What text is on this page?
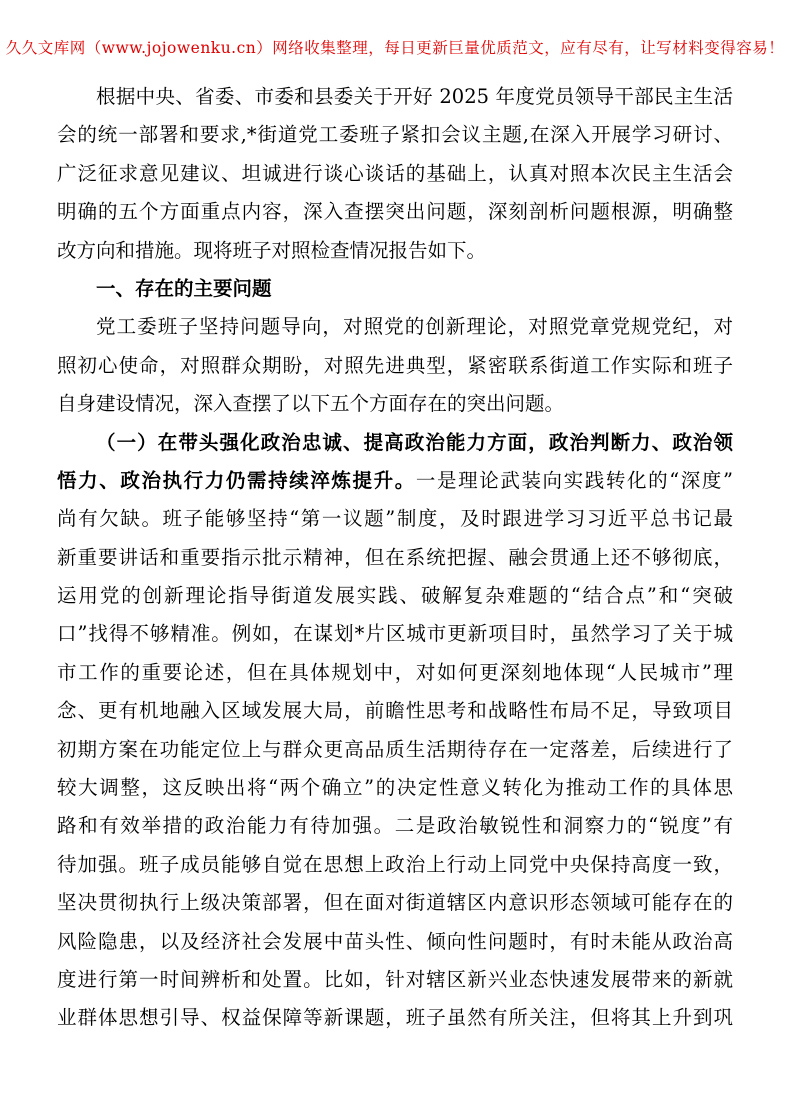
久久文库网（www.jojowenku.cn）网络收集整理，每日更新巨量优质范文，应有尽有，让写材料变得容易！
根据中央、省委、市委和县委关于开好 2025 年度党员领导干部民主生活
会的统一部署和要求,*街道党工委班子紧扣会议主题,在深入开展学习研讨、
广泛征求意见建议、坦诚进行谈心谈话的基础上，认真对照本次民主生活会
明确的五个方面重点内容，深入查摆突出问题，深刻剖析问题根源，明确整
改方向和措施。现将班子对照检查情况报告如下。
一、存在的主要问题
党工委班子坚持问题导向，对照党的创新理论，对照党章党规党纪，对
照初心使命，对照群众期盼，对照先进典型，紧密联系街道工作实际和班子
自身建设情况，深入查摆了以下五个方面存在的突出问题。
（一）在带头强化政治忠诚、提高政治能力方面，政治判断力、政治领
悟力、政治执行力仍需持续淬炼提升。一是理论武装向实践转化的“深度”
尚有欠缺。班子能够坚持“第一议题”制度，及时跟进学习习近平总书记最
新重要讲话和重要指示批示精神，但在系统把握、融会贯通上还不够彻底，
运用党的创新理论指导街道发展实践、破解复杂难题的“结合点”和“突破
口”找得不够精准。例如，在谋划*片区城市更新项目时，虽然学习了关于城
市工作的重要论述，但在具体规划中，对如何更深刻地体现“人民城市”理
念、更有机地融入区域发展大局，前瞻性思考和战略性布局不足，导致项目
初期方案在功能定位上与群众更高品质生活期待存在一定落差，后续进行了
较大调整，这反映出将“两个确立”的决定性意义转化为推动工作的具体思
路和有效举措的政治能力有待加强。二是政治敏锐性和洞察力的“锐度”有
待加强。班子成员能够自觉在思想上政治上行动上同党中央保持高度一致，
坚决贯彻执行上级决策部署，但在面对街道辖区内意识形态领域可能存在的
风险隐患，以及经济社会发展中苗头性、倾向性问题时，有时未能从政治高
度进行第一时间辨析和处置。比如，针对辖区新兴业态快速发展带来的新就
业群体思想引导、权益保障等新课题，班子虽然有所关注，但将其上升到巩
